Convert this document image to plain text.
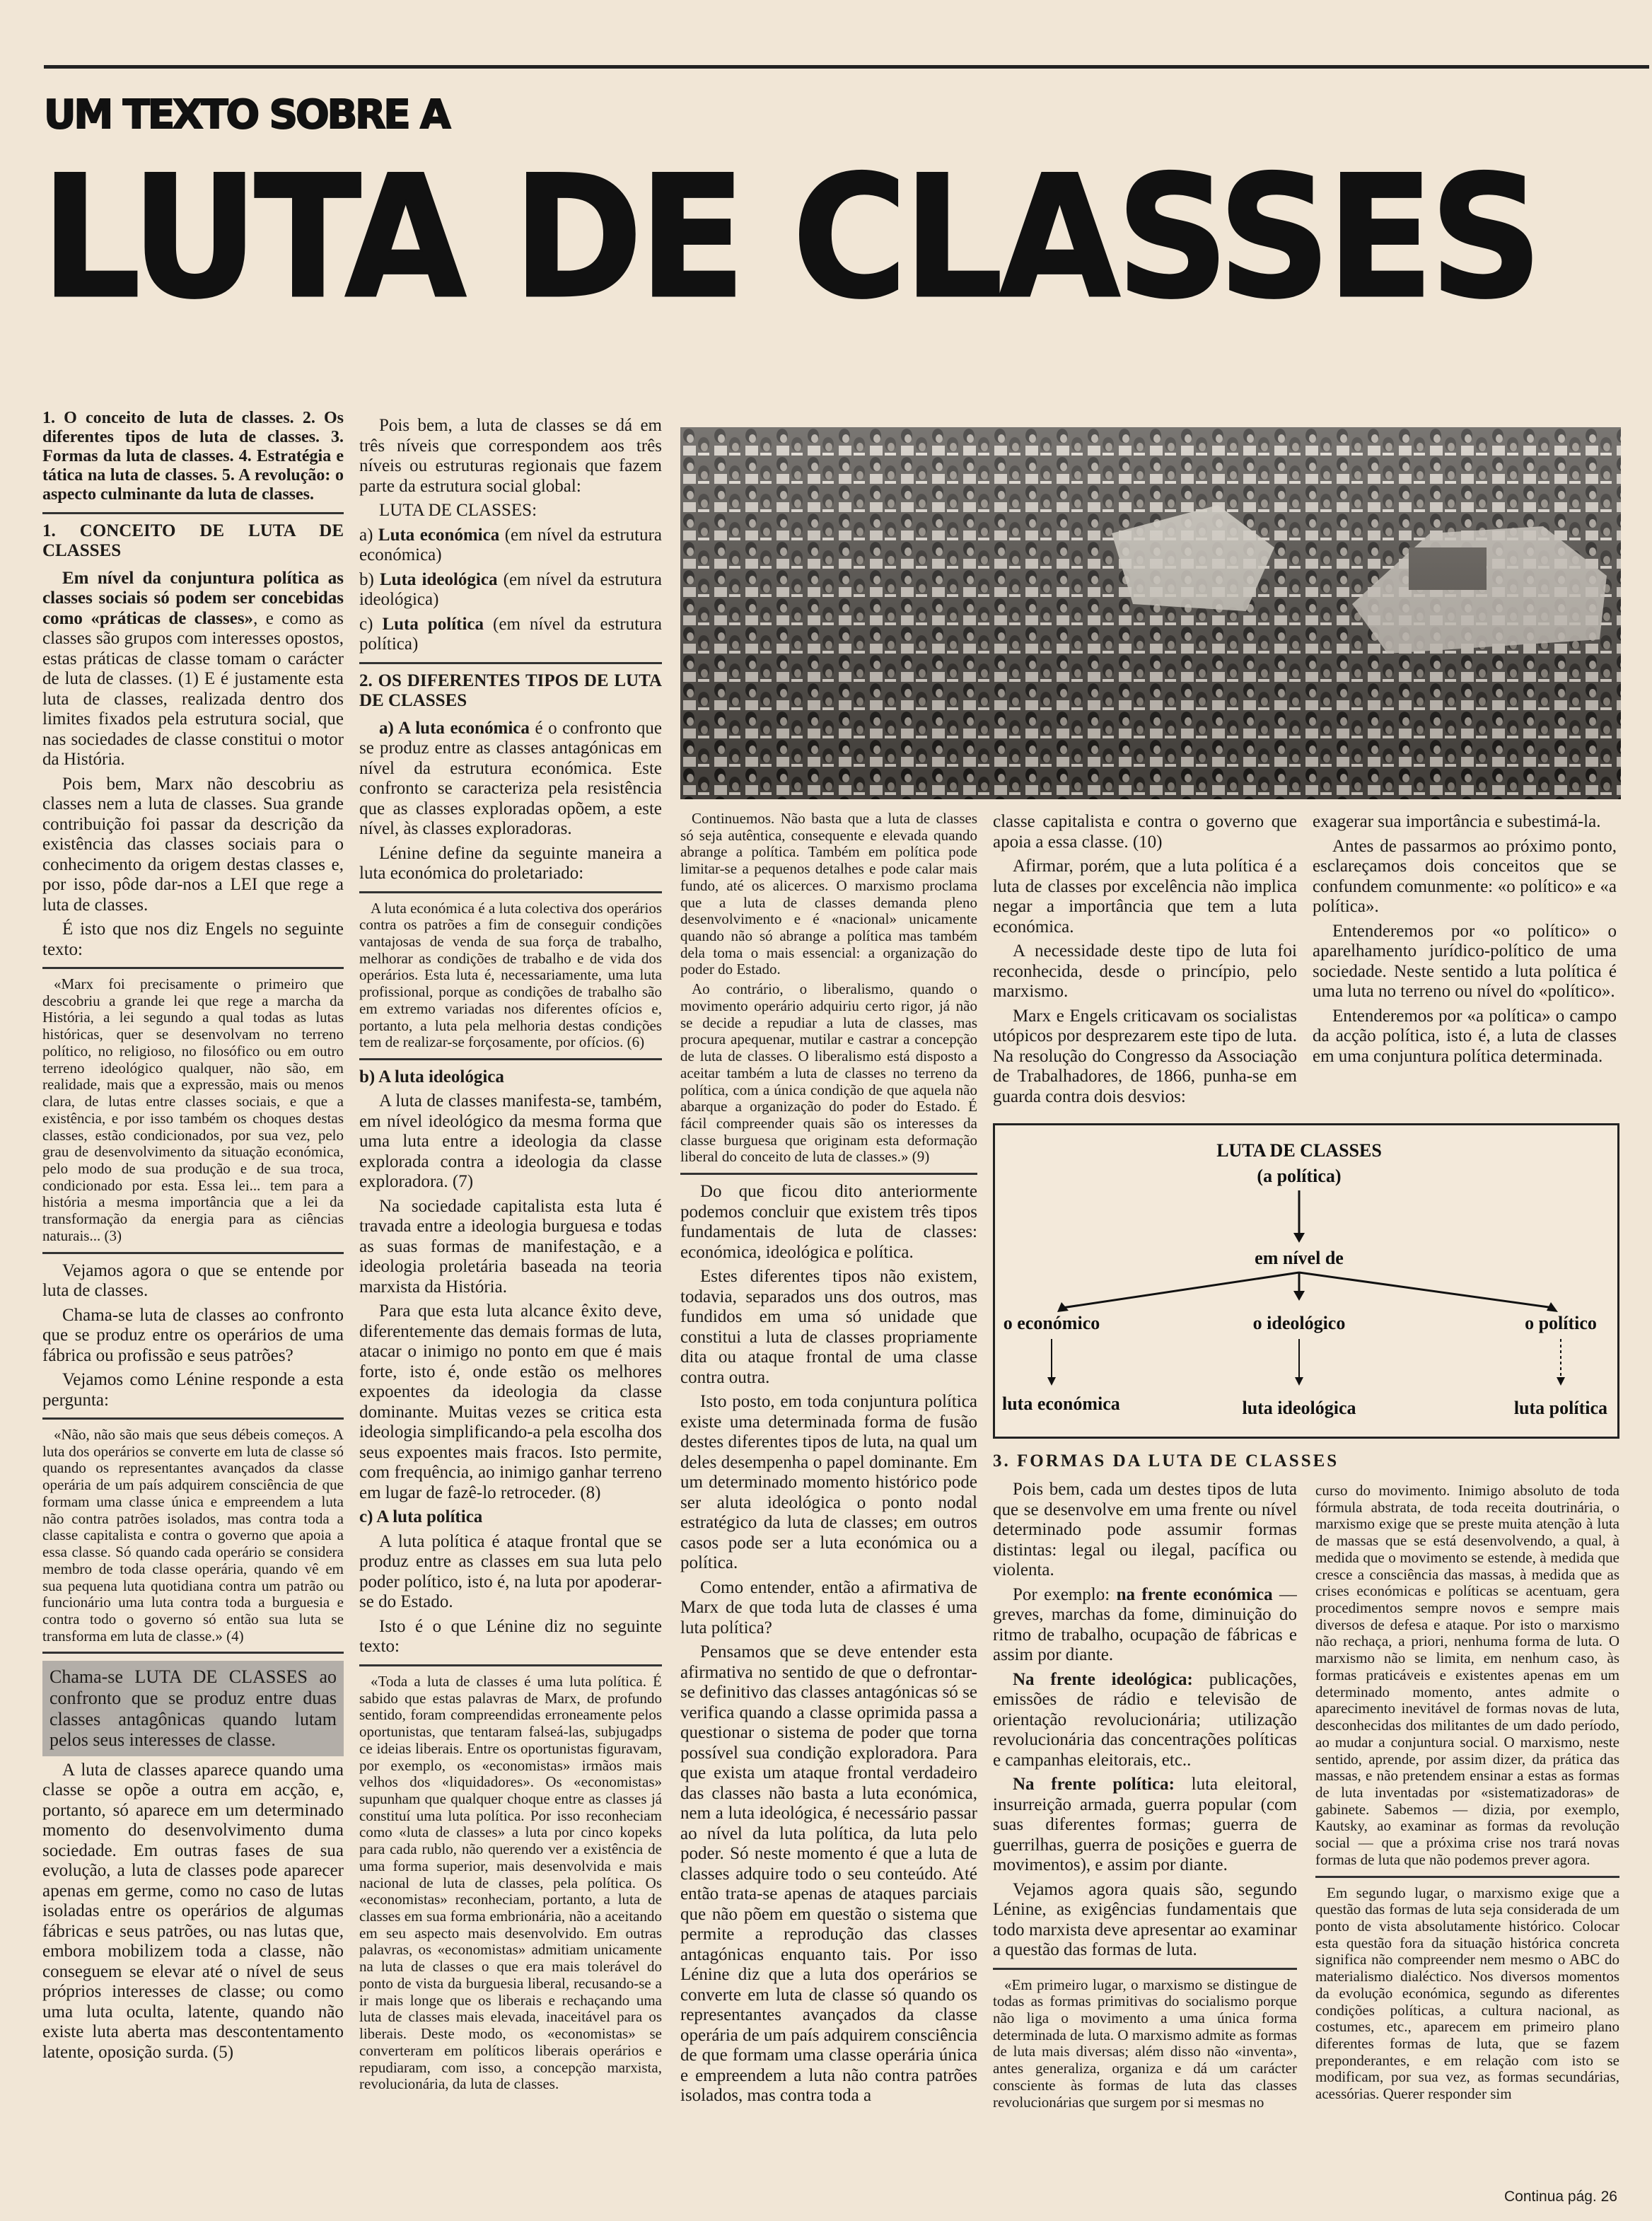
UM TEXTO SOBRE A
LUTA DE CLASSES

1. O conceito de luta de classes. 2. Os diferentes tipos de luta de classes. 3. Formas da luta de classes. 4. Estratégia e tática na luta de classes. 5. A revolução: o aspecto culminante da luta de classes.

1. CONCEITO DE LUTA DE CLASSES

Em nível da conjuntura política as classes sociais só podem ser concebidas como «práticas de classes», e como as classes são grupos com interesses opostos, estas práticas de classe tomam o carácter de luta de classes. (1) E é justamente esta luta de classes, realizada dentro dos limites fixados pela estrutura social, que nas sociedades de classe constitui o motor da História.

Pois bem, Marx não descobriu as classes nem a luta de classes. Sua grande contribuição foi passar da descrição da existência das classes sociais para o conhecimento da origem destas classes e, por isso, pôde dar-nos a LEI que rege a luta de classes.

É isto que nos diz Engels no seguinte texto:

«Marx foi precisamente o primeiro que descobriu a grande lei que rege a marcha da História, a lei segundo a qual todas as lutas históricas, quer se desenvolvam no terreno político, no religioso, no filosófico ou em outro terreno ideológico qualquer, não são, em realidade, mais que a expressão, mais ou menos clara, de lutas entre classes sociais, e que a existência, e por isso também os choques destas classes, estão condicionados, por sua vez, pelo grau de desenvolvimento da situação económica, pelo modo de sua produção e de sua troca, condicionado por esta. Essa lei... tem para a história a mesma importância que a lei da transformação da energia para as ciências naturais... (3)

Vejamos agora o que se entende por luta de classes.

Chama-se luta de classes ao confronto que se produz entre os operários de uma fábrica ou profissão e seus patrões?

Vejamos como Lénine responde a esta pergunta:

«Não, não são mais que seus débeis começos. A luta dos operários se converte em luta de classe só quando os representantes avançados da classe operária de um país adquirem consciência de que formam uma classe única e empreendem a luta não contra patrões isolados, mas contra toda a classe capitalista e contra o governo que apoia a essa classe. Só quando cada operário se considera membro de toda classe operária, quando vê em sua pequena luta quotidiana contra um patrão ou funcionário uma luta contra toda a burguesia e contra todo o governo só então sua luta se transforma em luta de classe.» (4)

Chama-se LUTA DE CLASSES ao confronto que se produz entre duas classes antagônicas quando lutam pelos seus interesses de classe.

A luta de classes aparece quando uma classe se opõe a outra em acção, e, portanto, só aparece em um determinado momento do desenvolvimento duma sociedade. Em outras fases de sua evolução, a luta de classes pode aparecer apenas em germe, como no caso de lutas isoladas entre os operários de algumas fábricas e seus patrões, ou nas lutas que, embora mobilizem toda a classe, não conseguem se elevar até o nível de seus próprios interesses de classe; ou como uma luta oculta, latente, quando não existe luta aberta mas descontentamento latente, oposição surda. (5)

Pois bem, a luta de classes se dá em três níveis que correspondem aos três níveis ou estruturas regionais que fazem parte da estrutura social global:

LUTA DE CLASSES:

a) Luta económica (em nível da estrutura económica)

b) Luta ideológica (em nível da estrutura ideológica)

c) Luta política (em nível da estrutura política)

2. OS DIFERENTES TIPOS DE LUTA DE CLASSES

a) A luta económica é o confronto que se produz entre as classes antagónicas em nível da estrutura económica. Este confronto se caracteriza pela resistência que as classes exploradas opõem, a este nível, às classes exploradoras.

Lénine define da seguinte maneira a luta económica do proletariado:

A luta económica é a luta colectiva dos operários contra os patrões a fim de conseguir condições vantajosas de venda de sua força de trabalho, melhorar as condições de trabalho e de vida dos operários. Esta luta é, necessariamente, uma luta profissional, porque as condições de trabalho são em extremo variadas nos diferentes ofícios e, portanto, a luta pela melhoria destas condições tem de realizar-se forçosamente, por ofícios. (6)

b) A luta ideológica

A luta de classes manifesta-se, também, em nível ideológico da mesma forma que uma luta entre a ideologia da classe explorada contra a ideologia da classe exploradora. (7)

Na sociedade capitalista esta luta é travada entre a ideologia burguesa e todas as suas formas de manifestação, e a ideologia proletária baseada na teoria marxista da História.

Para que esta luta alcance êxito deve, diferentemente das demais formas de luta, atacar o inimigo no ponto em que é mais forte, isto é, onde estão os melhores expoentes da ideologia da classe dominante. Muitas vezes se critica esta ideologia simplificando-a pela escolha dos seus expoentes mais fracos. Isto permite, com frequência, ao inimigo ganhar terreno em lugar de fazê-lo retroceder. (8)

c) A luta política

A luta política é ataque frontal que se produz entre as classes em sua luta pelo poder político, isto é, na luta por apoderar-se do Estado.

Isto é o que Lénine diz no seguinte texto:

«Toda a luta de classes é uma luta política. É sabido que estas palavras de Marx, de profundo sentido, foram compreendidas erroneamente pelos oportunistas, que tentaram falseá-las, subjugadps ce ideias liberais. Entre os oportunistas figuravam, por exemplo, os «economistas» irmãos mais velhos dos «liquidadores». Os «economistas» supunham que qualquer choque entre as classes já constituí uma luta política. Por isso reconheciam como «luta de classes» a luta por cinco kopeks para cada rublo, não querendo ver a existência de uma forma superior, mais desenvolvida e mais nacional de luta de classes, pela política. Os «economistas» reconheciam, portanto, a luta de classes em sua forma embrionária, não a aceitando em seu aspecto mais desenvolvido. Em outras palavras, os «economistas» admitiam unicamente na luta de classes o que era mais tolerável do ponto de vista da burguesia liberal, recusando-se a ir mais longe que os liberais e rechaçando uma luta de classes mais elevada, inaceitável para os liberais. Deste modo, os «economistas» se converteram em políticos liberais operários e repudiaram, com isso, a concepção marxista, revolucionária, da luta de classes.

Continuemos. Não basta que a luta de classes só seja autêntica, consequente e elevada quando abrange a política. Também em política pode limitar-se a pequenos detalhes e pode calar mais fundo, até os alicerces. O marxismo proclama que a luta de classes demanda pleno desenvolvimento e é «nacional» unicamente quando não só abrange a política mas também dela toma o mais essencial: a organização do poder do Estado.

Ao contrário, o liberalismo, quando o movimento operário adquiriu certo rigor, já não se decide a repudiar a luta de classes, mas procura apequenar, mutilar e castrar a concepção de luta de classes. O liberalismo está disposto a aceitar também a luta de classes no terreno da política, com a única condição de que aquela não abarque a organização do poder do Estado. É fácil compreender quais são os interesses da classe burguesa que originam esta deformação liberal do conceito de luta de classes.» (9)

Do que ficou dito anteriormente podemos concluir que existem três tipos fundamentais de luta de classes: económica, ideológica e política.

Estes diferentes tipos não existem, todavia, separados uns dos outros, mas fundidos em uma só unidade que constitui a luta de classes propriamente dita ou ataque frontal de uma classe contra outra.

Isto posto, em toda conjuntura política existe uma determinada forma de fusão destes diferentes tipos de luta, na qual um deles desempenha o papel dominante. Em um determinado momento histórico pode ser aluta ideológica o ponto nodal estratégico da luta de classes; em outros casos pode ser a luta económica ou a política.

Como entender, então a afirmativa de Marx de que toda luta de classes é uma luta política?

Pensamos que se deve entender esta afirmativa no sentido de que o defrontar-se definitivo das classes antagónicas só se verifica quando a classe oprimida passa a questionar o sistema de poder que torna possível sua condição exploradora. Para que exista um ataque frontal verdadeiro das classes não basta a luta económica, nem a luta ideológica, é necessário passar ao nível da luta política, da luta pelo poder. Só neste momento é que a luta de classes adquire todo o seu conteúdo. Até então trata-se apenas de ataques parciais que não põem em questão o sistema que permite a reprodução das classes antagónicas enquanto tais. Por isso Lénine diz que a luta dos operários se converte em luta de classe só quando os representantes avançados da classe operária de um país adquirem consciência de que formam uma classe operária única e empreendem a luta não contra patrões isolados, mas contra toda a

classe capitalista e contra o governo que apoia a essa classe. (10)

Afirmar, porém, que a luta política é a luta de classes por excelência não implica negar a importância que tem a luta económica.

A necessidade deste tipo de luta foi reconhecida, desde o princípio, pelo marxismo.

Marx e Engels criticavam os socialistas utópicos por desprezarem este tipo de luta. Na resolução do Congresso da Associação de Trabalhadores, de 1866, punha-se em guarda contra dois desvios:

exagerar sua importância e subestimá-la.

Antes de passarmos ao próximo ponto, esclareçamos dois conceitos que se confundem comunmente: «o político» e «a política».

Entenderemos por «o político» o aparelhamento jurídico-político de uma sociedade. Neste sentido a luta política é uma luta no terreno ou nível do «político».

Entenderemos por «a política» o campo da acção política, isto é, a luta de classes em uma conjuntura política determinada.

LUTA DE CLASSES
(a política)
em nível de
o económico	o ideológico	o político
luta económica	luta ideológica	luta política

3. FORMAS DA LUTA DE CLASSES

Pois bem, cada um destes tipos de luta que se desenvolve em uma frente ou nível determinado pode assumir formas distintas: legal ou ilegal, pacífica ou violenta.

Por exemplo: na frente económica — greves, marchas da fome, diminuição do ritmo de trabalho, ocupação de fábricas e assim por diante.

Na frente ideológica: publicações, emissões de rádio e televisão de orientação revolucionária; utilização revolucionária das concentrações políticas e campanhas eleitorais, etc..

Na frente política: luta eleitoral, insurreição armada, guerra popular (com suas diferentes formas; guerra de guerrilhas, guerra de posições e guerra de movimentos), e assim por diante.

Vejamos agora quais são, segundo Lénine, as exigências fundamentais que todo marxista deve apresentar ao examinar a questão das formas de luta.

«Em primeiro lugar, o marxismo se distingue de todas as formas primitivas do socialismo porque não liga o movimento a uma única forma determinada de luta. O marxismo admite as formas de luta mais diversas; além disso não «inventa», antes generaliza, organiza e dá um carácter consciente às formas de luta das classes revolucionárias que surgem por si mesmas no

curso do movimento. Inimigo absoluto de toda fórmula abstrata, de toda receita doutrinária, o marxismo exige que se preste muita atenção à luta de massas que se está desenvolvendo, a qual, à medida que o movimento se estende, à medida que cresce a consciência das massas, à medida que as crises económicas e políticas se acentuam, gera procedimentos sempre novos e sempre mais diversos de defesa e ataque. Por isto o marxismo não rechaça, a priori, nenhuma forma de luta. O marxismo não se limita, em nenhum caso, às formas praticáveis e existentes apenas em um determinado momento, antes admite o aparecimento inevitável de formas novas de luta, desconhecidas dos militantes de um dado período, ao mudar a conjuntura social. O marxismo, neste sentido, aprende, por assim dizer, da prática das massas, e não pretendem ensinar a estas as formas de luta inventadas por «sistematizadoras» de gabinete. Sabemos — dizia, por exemplo, Kautsky, ao examinar as formas da revolução social — que a próxima crise nos trará novas formas de luta que não podemos prever agora.

Em segundo lugar, o marxismo exige que a questão das formas de luta seja considerada de um ponto de vista absolutamente histórico. Colocar esta questão fora da situação histórica concreta significa não compreender nem mesmo o ABC do materialismo dialéctico. Nos diversos momentos da evolução económica, segundo as diferentes condições políticas, a cultura nacional, as costumes, etc., aparecem em primeiro plano diferentes formas de luta, que se fazem preponderantes, e em relação com isto se modificam, por sua vez, as formas secundárias, acessórias. Querer responder sim

Continua pág. 26
